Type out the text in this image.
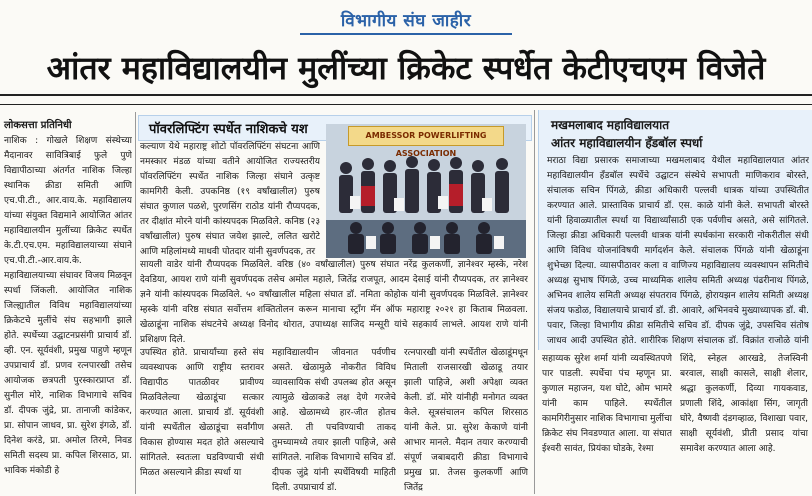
विभागीय संघ जाहीर
आंतर महाविद्यालयीन मुलींच्या क्रिकेट स्पर्धेत केटीएचएम विजेते
लोकसत्ता प्रतिनिधी
नाशिक : गोखले शिक्षण संस्थेच्या मैदानावर सावित्रिबाई फुले पुणे विद्यापीठाच्या अंतर्गत नाशिक जिल्हा स्थानिक क्रीडा समिती आणि एच.पी.टी., आर.वाय.के. महाविद्यालय यांच्या संयुक्त विद्यमाने आयोजित आंतर महाविद्यालयीन मुलींच्या क्रिकेट स्पर्धेत के.टी.एच.एम. महाविद्यालयाच्या संघाने एच.पी.टी.-आर.वाय.के. महाविद्यालयाच्या संघावर विजय मिळवून स्पर्धा जिंकली. आयोजित नाशिक जिल्ह्यातील विविध महाविद्यालयांच्या क्रिकेटचे मुलींचे संघ सहभागी झाले होते. स्पर्धेच्या उद्घाटनप्रसंगी प्राचार्य डॉ. व्ही. एन. सूर्यवंशी, प्रमुख पाहुणे म्हणून उपप्राचार्य डॉ. प्रणव रत्नपारखी तसेच आयोजक छत्रपती पुरस्कारप्राप्त डॉ. सुनील मोरे, नाशिक विभागाचे सचिव डॉ. दीपक जुंद्रे, प्रा. तानाजी कांडेकर, प्रा. सोपान जाधव, प्रा. सुरेश इंगळे, डॉ. दिनेश करंडे, प्रा. अमोल तिरमे, निवड समिती सदस्य प्रा. कपिल शिरसाठ, प्रा. भाविक मंकोडी हे
पॉवरलिफ्टिंग स्पर्धेत नाशिकचे यश
कल्याण येथे महाराष्ट्र शोटो पॉवरलिफ्टिंग संघटना आणि नमस्कार मंडळ यांच्या वतीने आयोजित राज्यस्तरीय पॉवरलिफ्टिंग स्पर्धेत नाशिक जिल्हा संघाने उत्कृष्ट कामगिरी केली. उपकनिष्ठ (१९ वर्षांखालील) पुरुष संघात कुणाल पळशे, पुरणसिंग राठोड यांनी रौप्यपदक, तर दीक्षांत मोरने यांनी कांस्यपदक मिळविले. कनिष्ठ (२३ वर्षांखालील) पुरुष संघात जयेश झाल्टे, ललित खरोटे आणि महिलांमध्ये माधवी पोतदार यांनी सुवर्णपदक, तर
AMBESSOR POWERLIFTING ASSOCIATION
सायली वाडेर यांनी रौप्यपदक मिळविले. वरिष्ठ (४० वर्षांखालील) पुरुष संघात नरेंद्र कुलकर्णी, ज्ञानेश्वर म्हस्के, नरेश देवडिया, आयश राणे यांनी सुवर्णपदक तसेच अमोल महाले, जितेंद्र राजपूत, आदम देसाई यांनी रौप्यपदक, तर ज्ञानेश्वर ज्ञने यांनी कांस्यपदक मिळविले. ५० वर्षांखालील महिला संघात डॉ. नमिता कोहोक यांनी सुवर्णपदक मिळविले. ज्ञानेश्वर म्हस्के यांनी वरिष्ठ संघात सर्वोत्तम शक्तितोलन करून मानाचा स्ट्रॉंग मॅन ऑफ महाराष्ट्र २०२१ हा किताब मिळवला. खेळाडूंना नाशिक संघटनेचे अध्यक्ष विनोद थोरात, उपाध्यक्ष साजिद मन्सूरी यांचे सहकार्य लाभले. आयश राणे यांनी प्रशिक्षण दिले.
उपस्थित होते. प्राचार्यांच्या हस्ते संघ व्यवस्थापक आणि राष्ट्रीय स्तरावर विद्यापीठ पातळीवर प्रावीण्य मिळविलेल्या खेळाडूंचा सत्कार करण्यात आला. प्राचार्य डॉ. सूर्यवंशी यांनी स्पर्धेतील खेळाडूंचा सर्वांगीण विकास होण्यास मदत होते असल्याचे सांगितले. स्वतःला घडविण्याची संधी मिळत असल्याने क्रीडा स्पर्धा या
महाविद्यालयीन जीवनात पर्वणीच असते. खेळामुळे नोकरीत विविध व्यावसायिक संधी उपलब्ध होत असून त्यामुळे खेळाकडे लक्ष देणे गरजेचे आहे. खेळामध्ये हार-जीत होतच असते. ती पचविण्याची ताकद तुमच्यामध्ये तयार झाली पाहिजे, असे सांगितले. नाशिक विभागाचे सचिव डॉ. दीपक जुंद्रे यांनी स्पर्धेविषयी माहिती दिली. उपप्राचार्य डॉ.
रत्नपारखी यांनी स्पर्धेतील खेळाडूंमधून मिताली राजसारखी खेळाडू तयार झाली पाहिजे, अशी अपेक्षा व्यक्त केली. डॉ. मोरे यांनीही मनोगत व्यक्त केले. सूत्रसंचालन कपिल शिरसाठ यांनी केले. प्रा. सुरेश केकाणे यांनी आभार मानले. मैदान तयार करण्याची संपूर्ण जबाबदारी क्रीडा विभागाचे प्रमुख प्रा. तेजस कुलकर्णी आणि जितेंद्र
मखमलाबाद महाविद्यालयात
आंतर महाविद्यालयीन हँडबॉल स्पर्धा
मराठा विद्या प्रसारक समाजाच्या मखमलाबाद येथील महाविद्यालयात आंतर महाविद्यालयीन हँडबॉल स्पर्धेचे उद्घाटन संस्थेचे सभापती माणिकराव बोरस्ते, संचालक सचिन पिंगळे, क्रीडा अधिकारी पल्लवी धात्रक यांच्या उपस्थितीत करण्यात आले. प्रास्ताविक प्राचार्य डॉ. एस. काळे यांनी केले. सभापती बोरस्ते यांनी हिवाळ्यातील स्पर्धा या विद्यार्थ्यांसाठी एक पर्वणीच असते, असे सांगितले. जिल्हा क्रीडा अधिकारी पल्लवी धात्रक यांनी स्पर्धकांना सरकारी नोकरीतील संधी आणि विविध योजनांविषयी मार्गदर्शन केले. संचालक पिंगळे यांनी खेळाडूंना शुभेच्छा दिल्या. व्यासपीठावर कला व वाणिज्य महाविद्यालय व्यवस्थापन समितीचे अध्यक्ष सुभाष पिंगळे, उच्च माध्यमिक शालेय समिती अध्यक्ष पंढरीनाथ पिंगळे, अभिनव शालेय समिती अध्यक्ष संपतराव पिंगळे, होरायझन शालेय समिती अध्यक्ष संजय फडोळ, विद्यालयाचे प्राचार्य डॉ. डी. आवारे, अभिनवचे मुख्याध्यापक डॉ. बी. पवार, जिल्हा विभागीय क्रीडा समितीचे सचिव डॉ. दीपक जुंद्रे, उपसचिव संतोष जाधव आदी उपस्थित होते. शारीरिक शिक्षण संचालक डॉ. विक्रांत राजोळे यांनी
सहाय्यक सुरेश शर्मा यांनी व्यवस्थितपणे पार पाडली. स्पर्धेचा पंच म्हणून प्रा. कुणाल महाजन, यश घोटे, ओम भामरे यांनी काम पाहिले. स्पर्धेतील कामगिरीनुसार नाशिक विभागाचा मुलींचा क्रिकेट संघ निवडण्यात आला. या संघात ईश्वरी सावंत, प्रियंका घोडके, रेश्मा
शिंदे, स्नेहल आरखडे, तेजस्विनी बरवाल, साक्षी कासले, साक्षी शेलार, श्रद्धा कुलकर्णी, दिव्या गायकवाड, प्रणाली शिंदे, आकांक्षा सिंग, जागृती घोरे, वैष्णवी दंडगव्हाळ, विशाखा पवार, साक्षी सूर्यवंशी, प्रीती प्रसाद यांचा समावेश करण्यात आला आहे.
